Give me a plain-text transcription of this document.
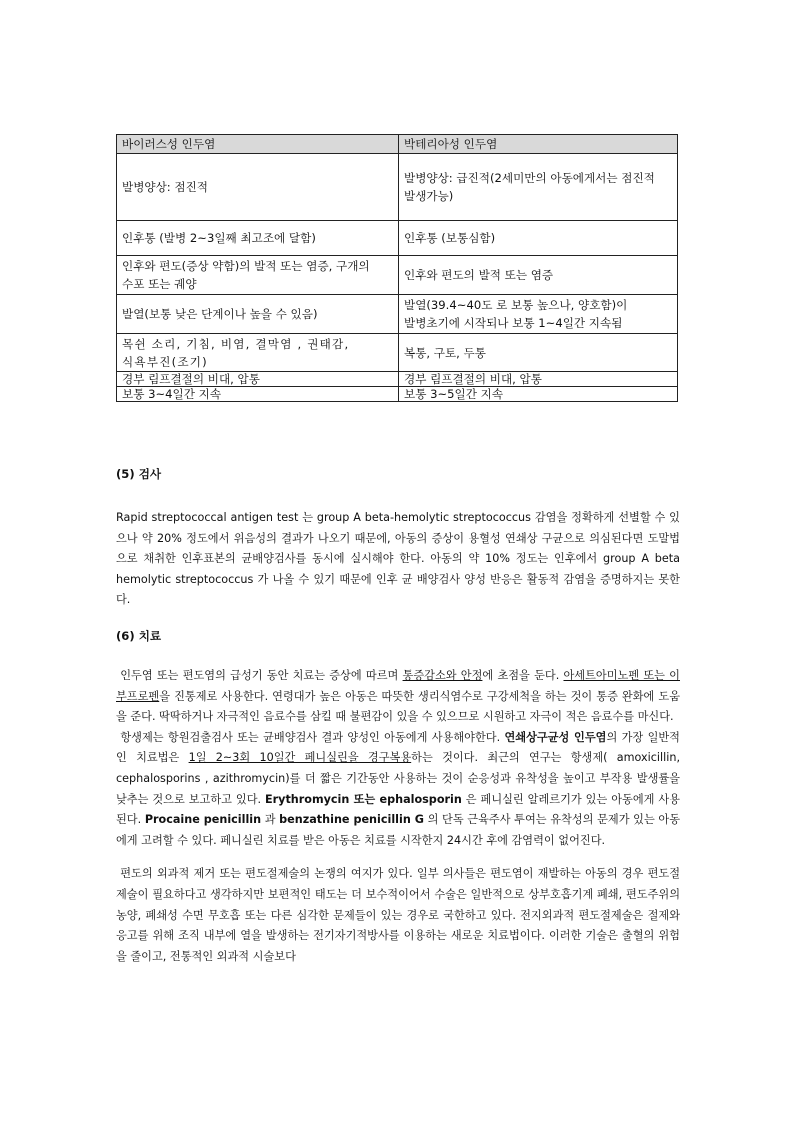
바이러스성 인두염	박테리아성 인두염
발병양상: 점진적	발병양상: 급진적(2세미만의 아동에게서는 점진적 발생가능)
인후통 (발병 2~3일째 최고조에 달함)	인후통 (보통심함)
인후와 편도(증상 약함)의 발적 또는 염증, 구개의 수포 또는 궤양	인후와 편도의 발적 또는 염증
발열(보통 낮은 단계이나 높을 수 있음)	발열(39.4~40도 로 보통 높으나, 양호함)이 발병초기에 시작되나 보통 1~4일간 지속됨
목쉰 소리, 기침, 비염, 결막염 , 권태감, 식욕부진(조기)	복통, 구토, 두통
경부 림프결절의 비대, 압통	경부 림프결절의 비대, 압통
보통 3~4일간 지속	보통 3~5일간 지속
(5) 검사

Rapid streptococcal antigen test 는 group A beta-hemolytic streptococcus 감염을 정확하게 선별할 수 있으나 약 20% 정도에서 위음성의 결과가 나오기 때문에, 아동의 증상이 용혈성 연쇄상 구균으로 의심된다면 도말법으로 채취한 인후표본의 균배양검사를 동시에 실시해야 한다. 아동의 약 10% 정도는 인후에서 group A beta hemolytic streptococcus 가 나올 수 있기 때문에 인후 균 배양검사 양성 반응은 활동적 감염을 증명하지는 못한다.

(6) 치료

인두염 또는 편도염의 급성기 동안 치료는 증상에 따르며 통증감소와 안정에 초점을 둔다. 아세트아미노펜 또는 이부프로펜을 진통제로 사용한다. 연령대가 높은 아동은 따뜻한 생리식염수로 구강세척을 하는 것이 통증 완화에 도움을 준다. 딱딱하거나 자극적인 음료수를 삼킬 때 불편감이 있을 수 있으므로 시원하고 자극이 적은 음료수를 마신다.

항생제는 항원검출검사 또는 균배양검사 결과 양성인 아동에게 사용해야한다. 연쇄상구균성 인두염의 가장 일반적인 치료법은 1일 2~3회 10일간 페니실린을 경구복용하는 것이다. 최근의 연구는 항생제( amoxicillin, cephalosporins , azithromycin)를 더 짧은 기간동안 사용하는 것이 순응성과 유착성을 높이고 부작용 발생률을 낮추는 것으로 보고하고 있다. Erythromycin 또는 ephalosporin 은 페니실린 알레르기가 있는 아동에게 사용된다. Procaine penicillin 과 benzathine penicillin G 의 단독 근육주사 투여는 유착성의 문제가 있는 아동에게 고려할 수 있다. 페니실린 치료를 받은 아동은 치료를 시작한지 24시간 후에 감염력이 없어진다.

편도의 외과적 제거 또는 편도절제술의 논쟁의 여지가 있다. 일부 의사들은 편도염이 재발하는 아동의 경우 편도절제술이 필요하다고 생각하지만 보편적인 태도는 더 보수적이어서 수술은 일반적으로 상부호흡기계 폐쇄, 편도주위의 농양, 폐쇄성 수면 무호흡 또는 다른 심각한 문제들이 있는 경우로 국한하고 있다. 전지외과적 편도절제술은 절제와 응고를 위해 조직 내부에 열을 발생하는 전기자기적방사를 이용하는 새로운 치료법이다. 이러한 기술은 출혈의 위험을 줄이고, 전통적인 외과적 시술보다
